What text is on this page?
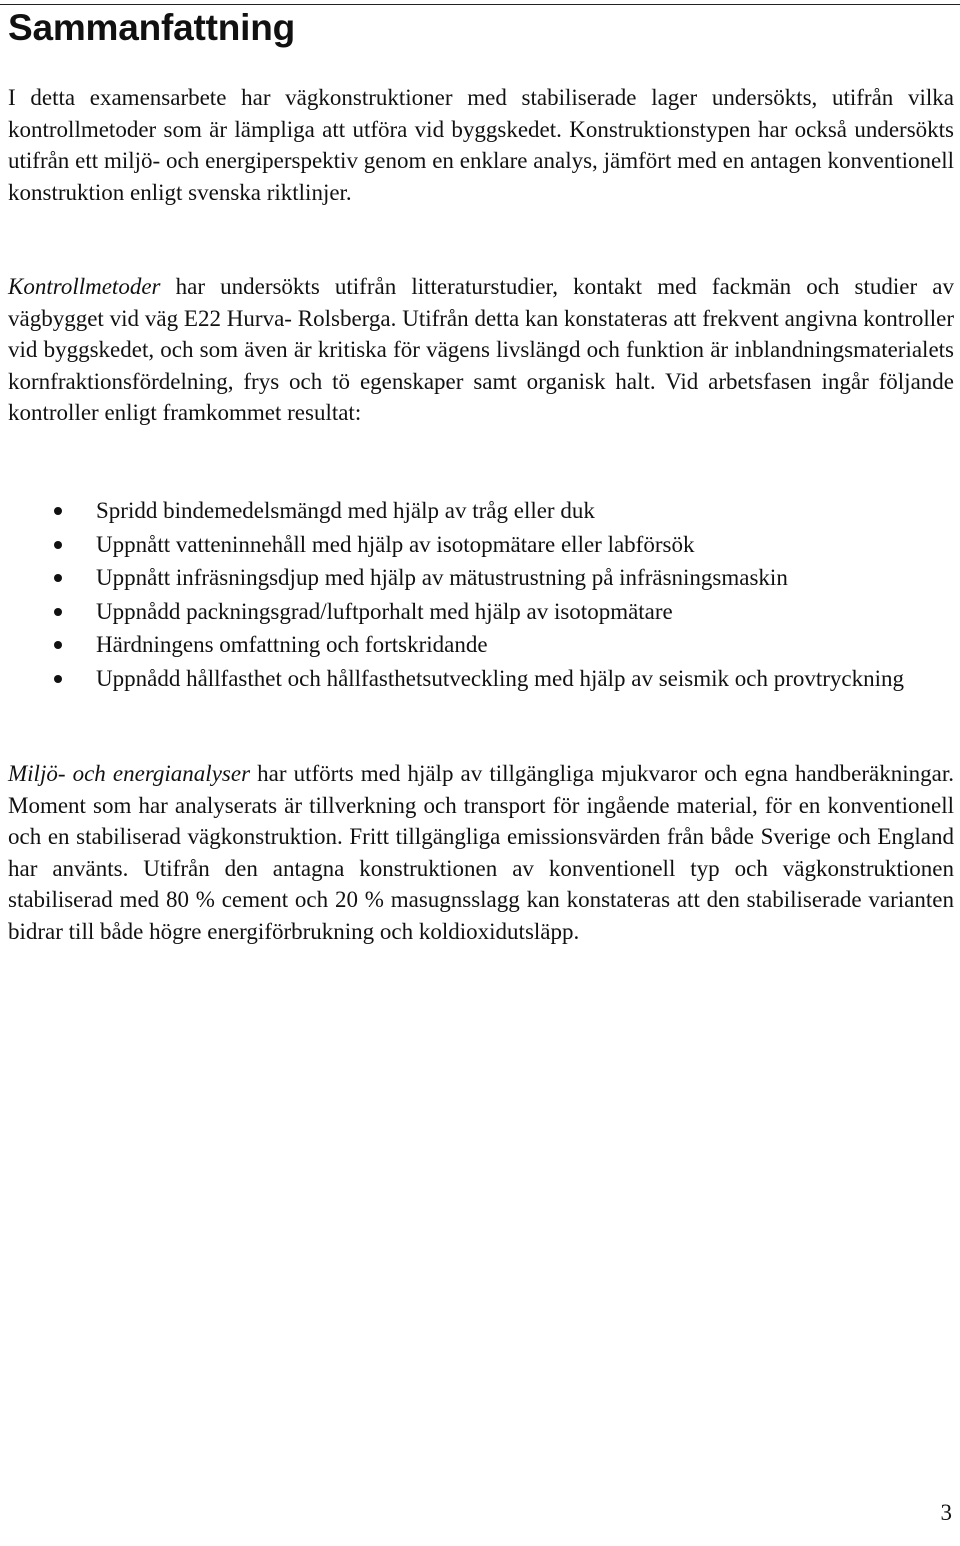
Sammanfattning

I detta examensarbete har vägkonstruktioner med stabiliserade lager undersökts, utifrån vilka kontrollmetoder som är lämpliga att utföra vid byggskedet. Konstruktionstypen har också undersökts utifrån ett miljö- och energiperspektiv genom en enklare analys, jämfört med en antagen konventionell konstruktion enligt svenska riktlinjer.

Kontrollmetoder har undersökts utifrån litteraturstudier, kontakt med fackmän och studier av vägbygget vid väg E22 Hurva- Rolsberga. Utifrån detta kan konstateras att frekvent angivna kontroller vid byggskedet, och som även är kritiska för vägens livslängd och funktion är inblandningsmaterialets kornfraktionsfördelning, frys och tö egenskaper samt organisk halt. Vid arbetsfasen ingår följande kontroller enligt framkommet resultat:

Spridd bindemedelsmängd med hjälp av tråg eller duk
Uppnått vatteninnehåll med hjälp av isotopmätare eller labförsök
Uppnått infräsningsdjup med hjälp av mätustrustning på infräsningsmaskin
Uppnådd packningsgrad/luftporhalt med hjälp av isotopmätare
Härdningens omfattning och fortskridande
Uppnådd hållfasthet och hållfasthetsutveckling med hjälp av seismik och provtryckning

Miljö- och energianalyser har utförts med hjälp av tillgängliga mjukvaror och egna handberäkningar. Moment som har analyserats är tillverkning och transport för ingående material, för en konventionell och en stabiliserad vägkonstruktion. Fritt tillgängliga emissionsvärden från både Sverige och England har använts. Utifrån den antagna konstruktionen av konventionell typ och vägkonstruktionen stabiliserad med 80 % cement och 20 % masugnsslagg kan konstateras att den stabiliserade varianten bidrar till både högre energiförbrukning och koldioxidutsläpp.

3
